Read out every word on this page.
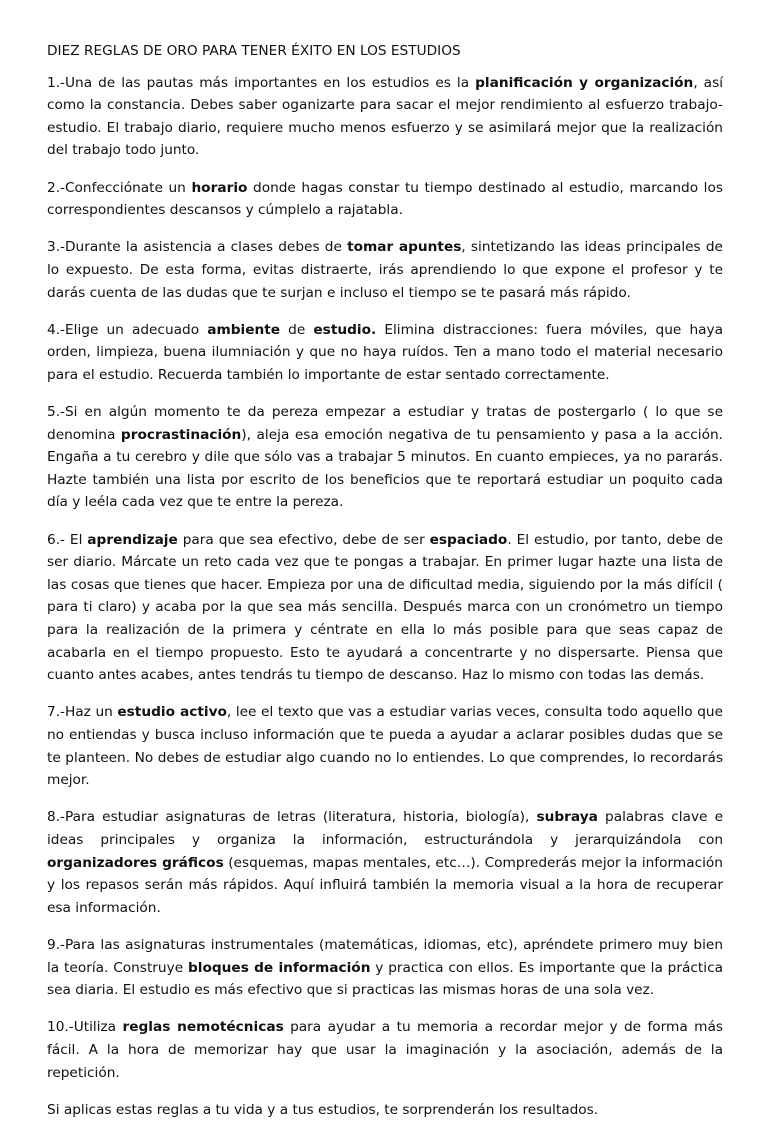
DIEZ REGLAS DE ORO PARA TENER ÉXITO EN LOS ESTUDIOS

1.-Una de las pautas más importantes en los estudios es la planificación y organización, así como la constancia. Debes saber oganizarte para sacar el mejor rendimiento al esfuerzo trabajo-estudio. El trabajo diario, requiere mucho menos esfuerzo y se asimilará mejor que la realización del trabajo todo junto.

2.-Confecciónate un horario donde hagas constar tu tiempo destinado al estudio, marcando los correspondientes descansos y cúmplelo a rajatabla.

3.-Durante la asistencia a clases debes de tomar apuntes, sintetizando las ideas principales de lo expuesto. De esta forma, evitas distraerte, irás aprendiendo lo que expone el profesor y te darás cuenta de las dudas que te surjan e incluso el tiempo se te pasará más rápido.

4.-Elige un adecuado ambiente de estudio. Elimina distracciones: fuera móviles, que haya orden, limpieza, buena ilumniación y que no haya ruídos. Ten a mano todo el material necesario para el estudio. Recuerda también lo importante de estar sentado correctamente.

5.-Si en algún momento te da pereza empezar a estudiar y tratas de postergarlo ( lo que se denomina procrastinación), aleja esa emoción negativa de tu pensamiento y pasa a la acción. Engaña a tu cerebro y dile que sólo vas a trabajar 5 minutos. En cuanto empieces, ya no pararás. Hazte también una lista por escrito de los beneficios que te reportará estudiar un poquito cada día y leéla cada vez que te entre la pereza.

6.- El aprendizaje para que sea efectivo, debe de ser espaciado. El estudio, por tanto, debe de ser diario. Márcate un reto cada vez que te pongas a trabajar. En primer lugar hazte una lista de las cosas que tienes que hacer. Empieza por una de dificultad media, siguiendo por la más difícil ( para ti claro) y acaba por la que sea más sencilla. Después marca con un cronómetro un tiempo para la realización de la primera y céntrate en ella lo más posible para que seas capaz de acabarla en el tiempo propuesto. Esto te ayudará a concentrarte y no dispersarte. Piensa que cuanto antes acabes, antes tendrás tu tiempo de descanso. Haz lo mismo con todas las demás.

7.-Haz un estudio activo, lee el texto que vas a estudiar varias veces, consulta todo aquello que no entiendas y busca incluso información que te pueda a ayudar a aclarar posibles dudas que se te planteen. No debes de estudiar algo cuando no lo entiendes. Lo que comprendes, lo recordarás mejor.

8.-Para estudiar asignaturas de letras (literatura, historia, biología), subraya palabras clave e ideas principales y organiza la información, estructurándola y jerarquizándola con organizadores gráficos (esquemas, mapas mentales, etc…). Comprederás mejor la información y los repasos serán más rápidos. Aquí influirá también la memoria visual a la hora de recuperar esa información.

9.-Para las asignaturas instrumentales (matemáticas, idiomas, etc), apréndete primero muy bien la teoría. Construye bloques de información y practica con ellos. Es importante que la práctica sea diaria. El estudio es más efectivo que si practicas las mismas horas de una sola vez.

10.-Utiliza reglas nemotécnicas para ayudar a tu memoria a recordar mejor y de forma más fácil. A la hora de memorizar hay que usar la imaginación y la asociación, además de la repetición.

Si aplicas estas reglas a tu vida y a tus estudios, te sorprenderán los resultados.
